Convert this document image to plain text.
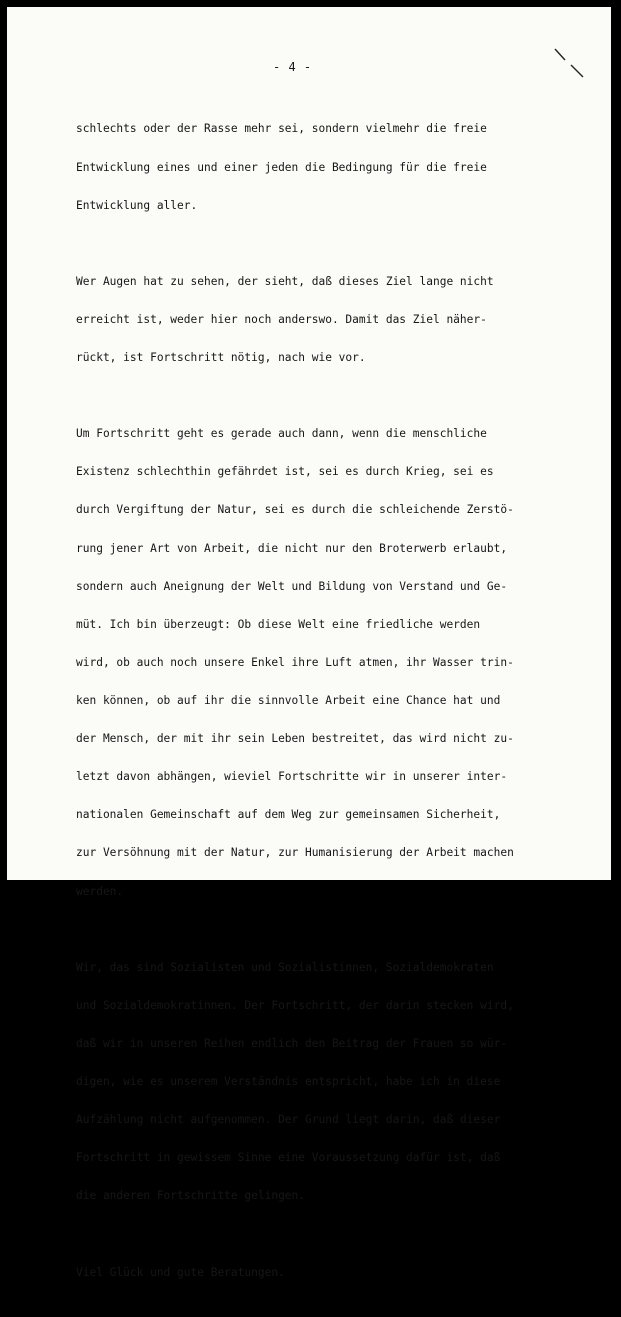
- 4 -

schlechts oder der Rasse mehr sei, sondern vielmehr die freie

Entwicklung eines und einer jeden die Bedingung für die freie

Entwicklung aller.

Wer Augen hat zu sehen, der sieht, daß dieses Ziel lange nicht

erreicht ist, weder hier noch anderswo. Damit das Ziel näher-

rückt, ist Fortschritt nötig, nach wie vor.

Um Fortschritt geht es gerade auch dann, wenn die menschliche

Existenz schlechthin gefährdet ist, sei es durch Krieg, sei es

durch Vergiftung der Natur, sei es durch die schleichende Zerstö-

rung jener Art von Arbeit, die nicht nur den Broterwerb erlaubt,

sondern auch Aneignung der Welt und Bildung von Verstand und Ge-

müt. Ich bin überzeugt: Ob diese Welt eine friedliche werden

wird, ob auch noch unsere Enkel ihre Luft atmen, ihr Wasser trin-

ken können, ob auf ihr die sinnvolle Arbeit eine Chance hat und

der Mensch, der mit ihr sein Leben bestreitet, das wird nicht zu-

letzt davon abhängen, wieviel Fortschritte wir in unserer inter-

nationalen Gemeinschaft auf dem Weg zur gemeinsamen Sicherheit,

zur Versöhnung mit der Natur, zur Humanisierung der Arbeit machen

werden.

Wir, das sind Sozialisten und Sozialistinnen, Sozialdemokraten

und Sozialdemokratinnen. Der Fortschritt, der darin stecken wird,

daß wir in unseren Reihen endlich den Beitrag der Frauen so wür-

digen, wie es unserem Verständnis entspricht, habe ich in diese

Aufzählung nicht aufgenommen. Der Grund liegt darin, daß dieser

Fortschritt in gewissem Sinne eine Voraussetzung dafür ist, daß

die anderen Fortschritte gelingen.

Viel Glück und gute Beratungen.
